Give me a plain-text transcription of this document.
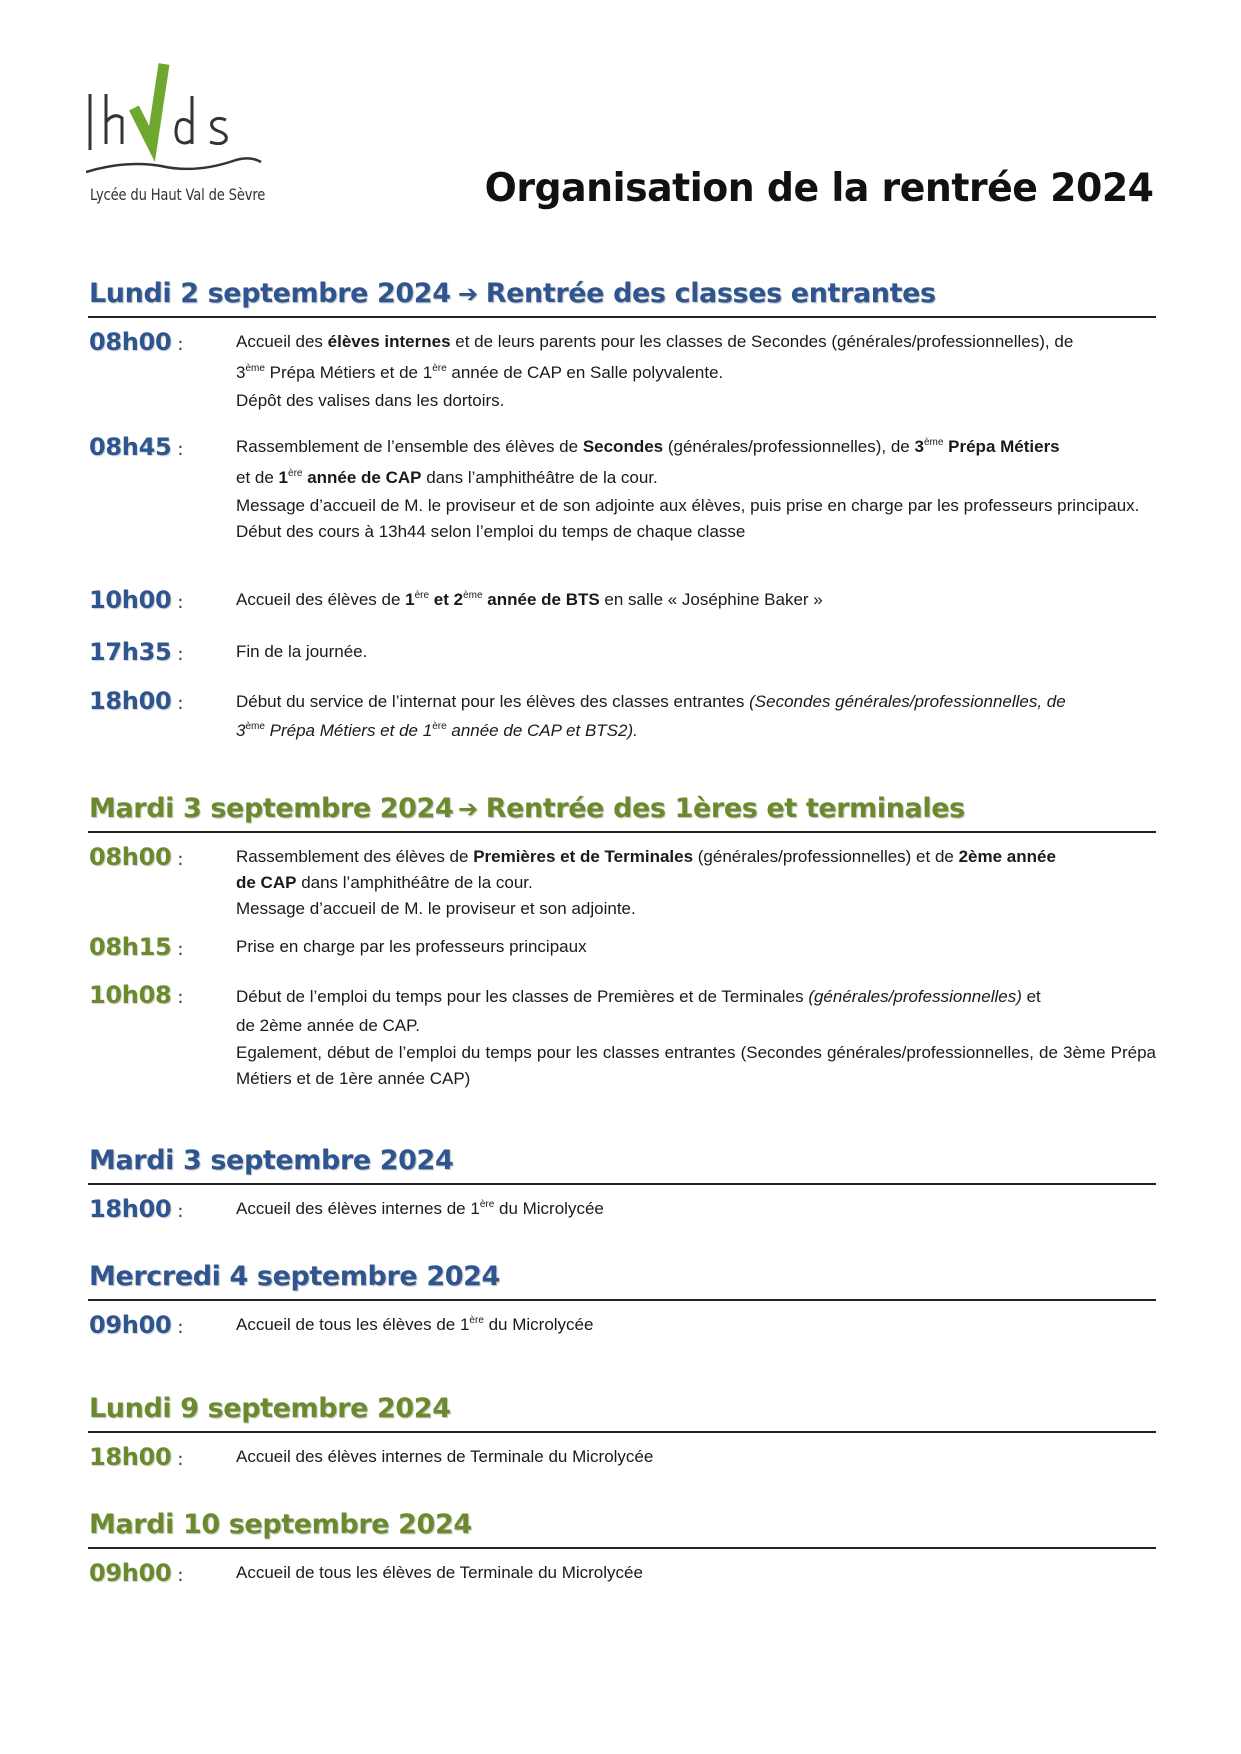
Lycée du Haut Val de Sèvre	Organisation de la rentrée 2024
Lundi 2 septembre 2024 ➔ Rentrée des classes entrantes
08h00 :	Accueil des élèves internes et de leurs parents pour les classes de Secondes (générales/professionnelles), de

3ème Prépa Métiers et de 1ère année de CAP en Salle polyvalente.

Dépôt des valises dans les dortoirs.

08h45 :	Rassemblement de l’ensemble des élèves de Secondes (générales/professionnelles), de 3ème Prépa Métiers

et de 1ère année de CAP dans l’amphithéâtre de la cour.

Message d’accueil de M. le proviseur et de son adjointe aux élèves, puis prise en charge par les professeurs principaux.

Début des cours à 13h44 selon l’emploi du temps de chaque classe

10h00 :	Accueil des élèves de 1ère et 2ème année de BTS en salle « Joséphine Baker »

17h35 :	Fin de la journée.

18h00 :	Début du service de l’internat pour les élèves des classes entrantes (Secondes générales/professionnelles, de

3ème Prépa Métiers et de 1ère année de CAP et BTS2).

Mardi 3 septembre 2024 ➔ Rentrée des 1ères et terminales
08h00 :	Rassemblement des élèves de Premières et de Terminales (générales/professionnelles) et de 2ème année

de CAP dans l’amphithéâtre de la cour.

Message d’accueil de M. le proviseur et son adjointe.

08h15 :	Prise en charge par les professeurs principaux

10h08 :	Début de l’emploi du temps pour les classes de Premières et de Terminales (générales/professionnelles) et

de 2ème année de CAP.

Egalement, début de l’emploi du temps pour les classes entrantes (Secondes générales/professionnelles, de 3ème Prépa Métiers et de 1ère année CAP)

Mardi 3 septembre 2024
18h00 :	Accueil des élèves internes de 1ère du Microlycée

Mercredi 4 septembre 2024
09h00 :	Accueil de tous les élèves de 1ère du Microlycée

Lundi 9 septembre 2024
18h00 :	Accueil des élèves internes de Terminale du Microlycée

Mardi 10 septembre 2024
09h00 :	Accueil de tous les élèves de Terminale du Microlycée
